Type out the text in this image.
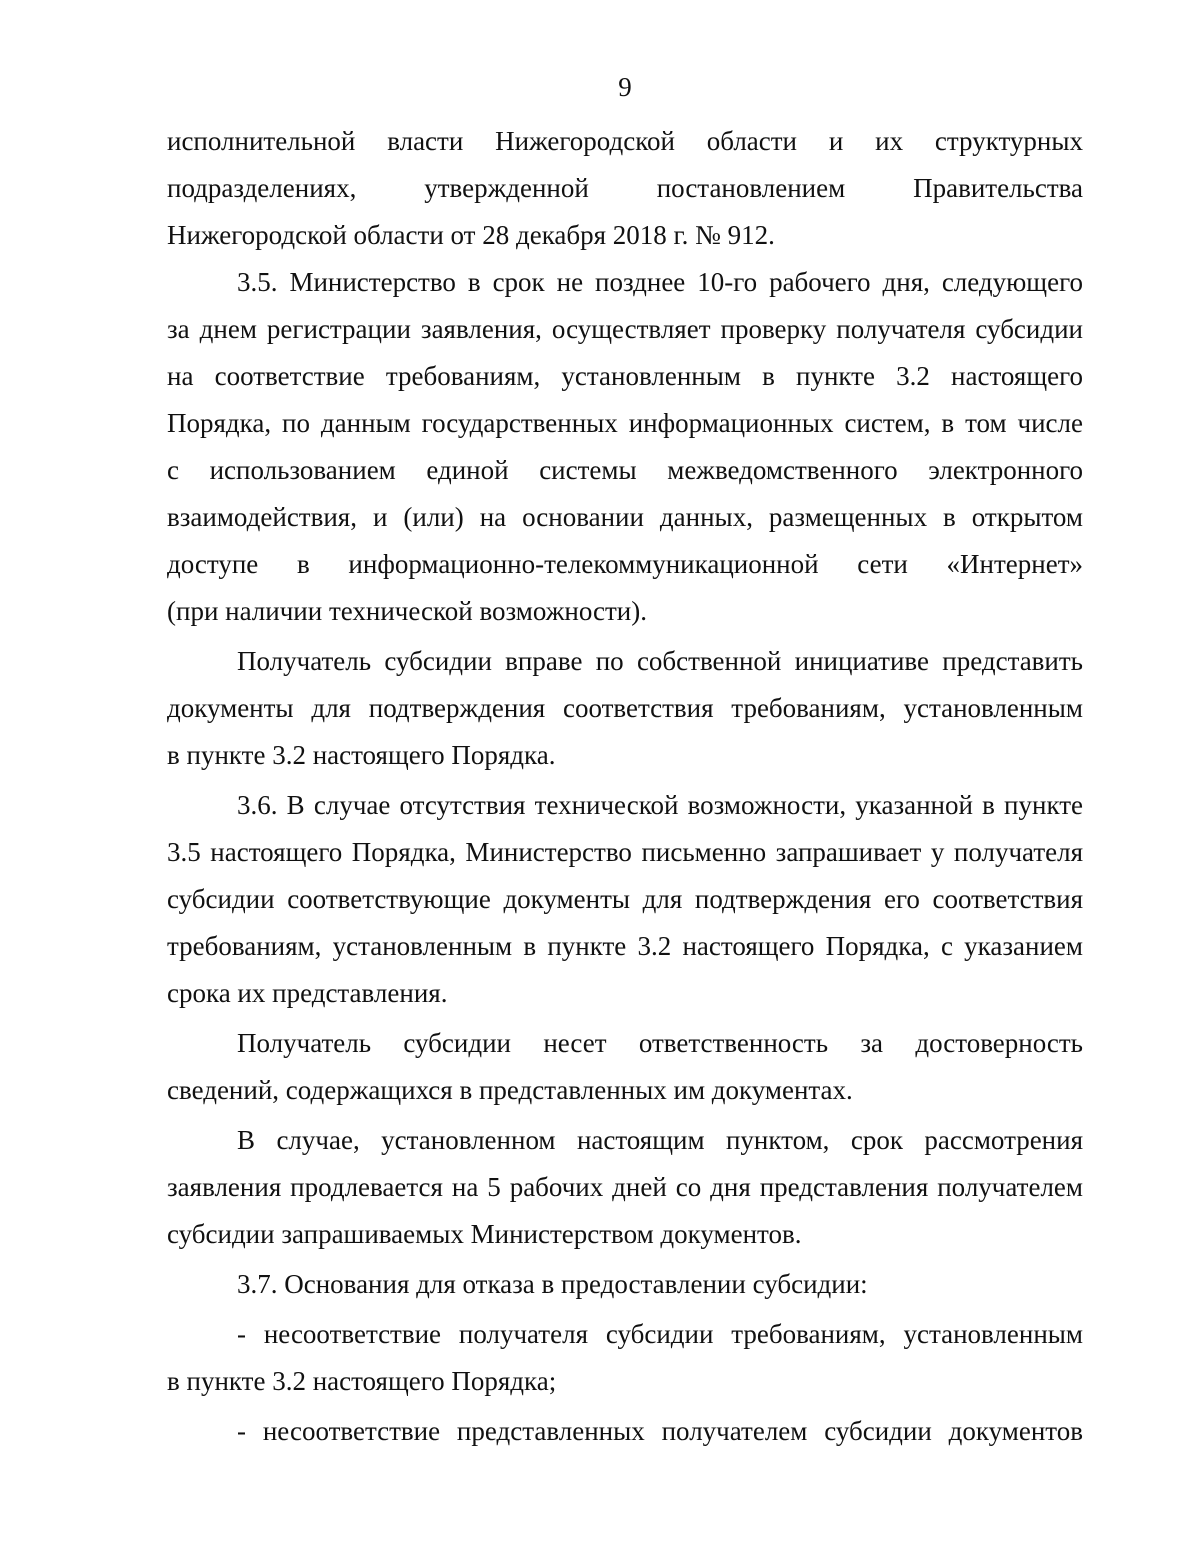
9
исполнительной власти Нижегородской области и их структурных
подразделениях, утвержденной постановлением Правительства
Нижегородской области от 28 декабря 2018 г. № 912.
3.5. Министерство в срок не позднее 10-го рабочего дня, следующего
за днем регистрации заявления, осуществляет проверку получателя субсидии
на соответствие требованиям, установленным в пункте 3.2 настоящего
Порядка, по данным государственных информационных систем, в том числе
с использованием единой системы межведомственного электронного
взаимодействия, и (или) на основании данных, размещенных в открытом
доступе в информационно-телекоммуникационной сети «Интернет»
(при наличии технической возможности).
Получатель субсидии вправе по собственной инициативе представить
документы для подтверждения соответствия требованиям, установленным
в пункте 3.2 настоящего Порядка.
3.6. В случае отсутствия технической возможности, указанной в пункте
3.5 настоящего Порядка, Министерство письменно запрашивает у получателя
субсидии соответствующие документы для подтверждения его соответствия
требованиям, установленным в пункте 3.2 настоящего Порядка, с указанием
срока их представления.
Получатель субсидии несет ответственность за достоверность
сведений, содержащихся в представленных им документах.
В случае, установленном настоящим пунктом, срок рассмотрения
заявления продлевается на 5 рабочих дней со дня представления получателем
субсидии запрашиваемых Министерством документов.
3.7. Основания для отказа в предоставлении субсидии:
- несоответствие получателя субсидии требованиям, установленным
в пункте 3.2 настоящего Порядка;
- несоответствие представленных получателем субсидии документов
